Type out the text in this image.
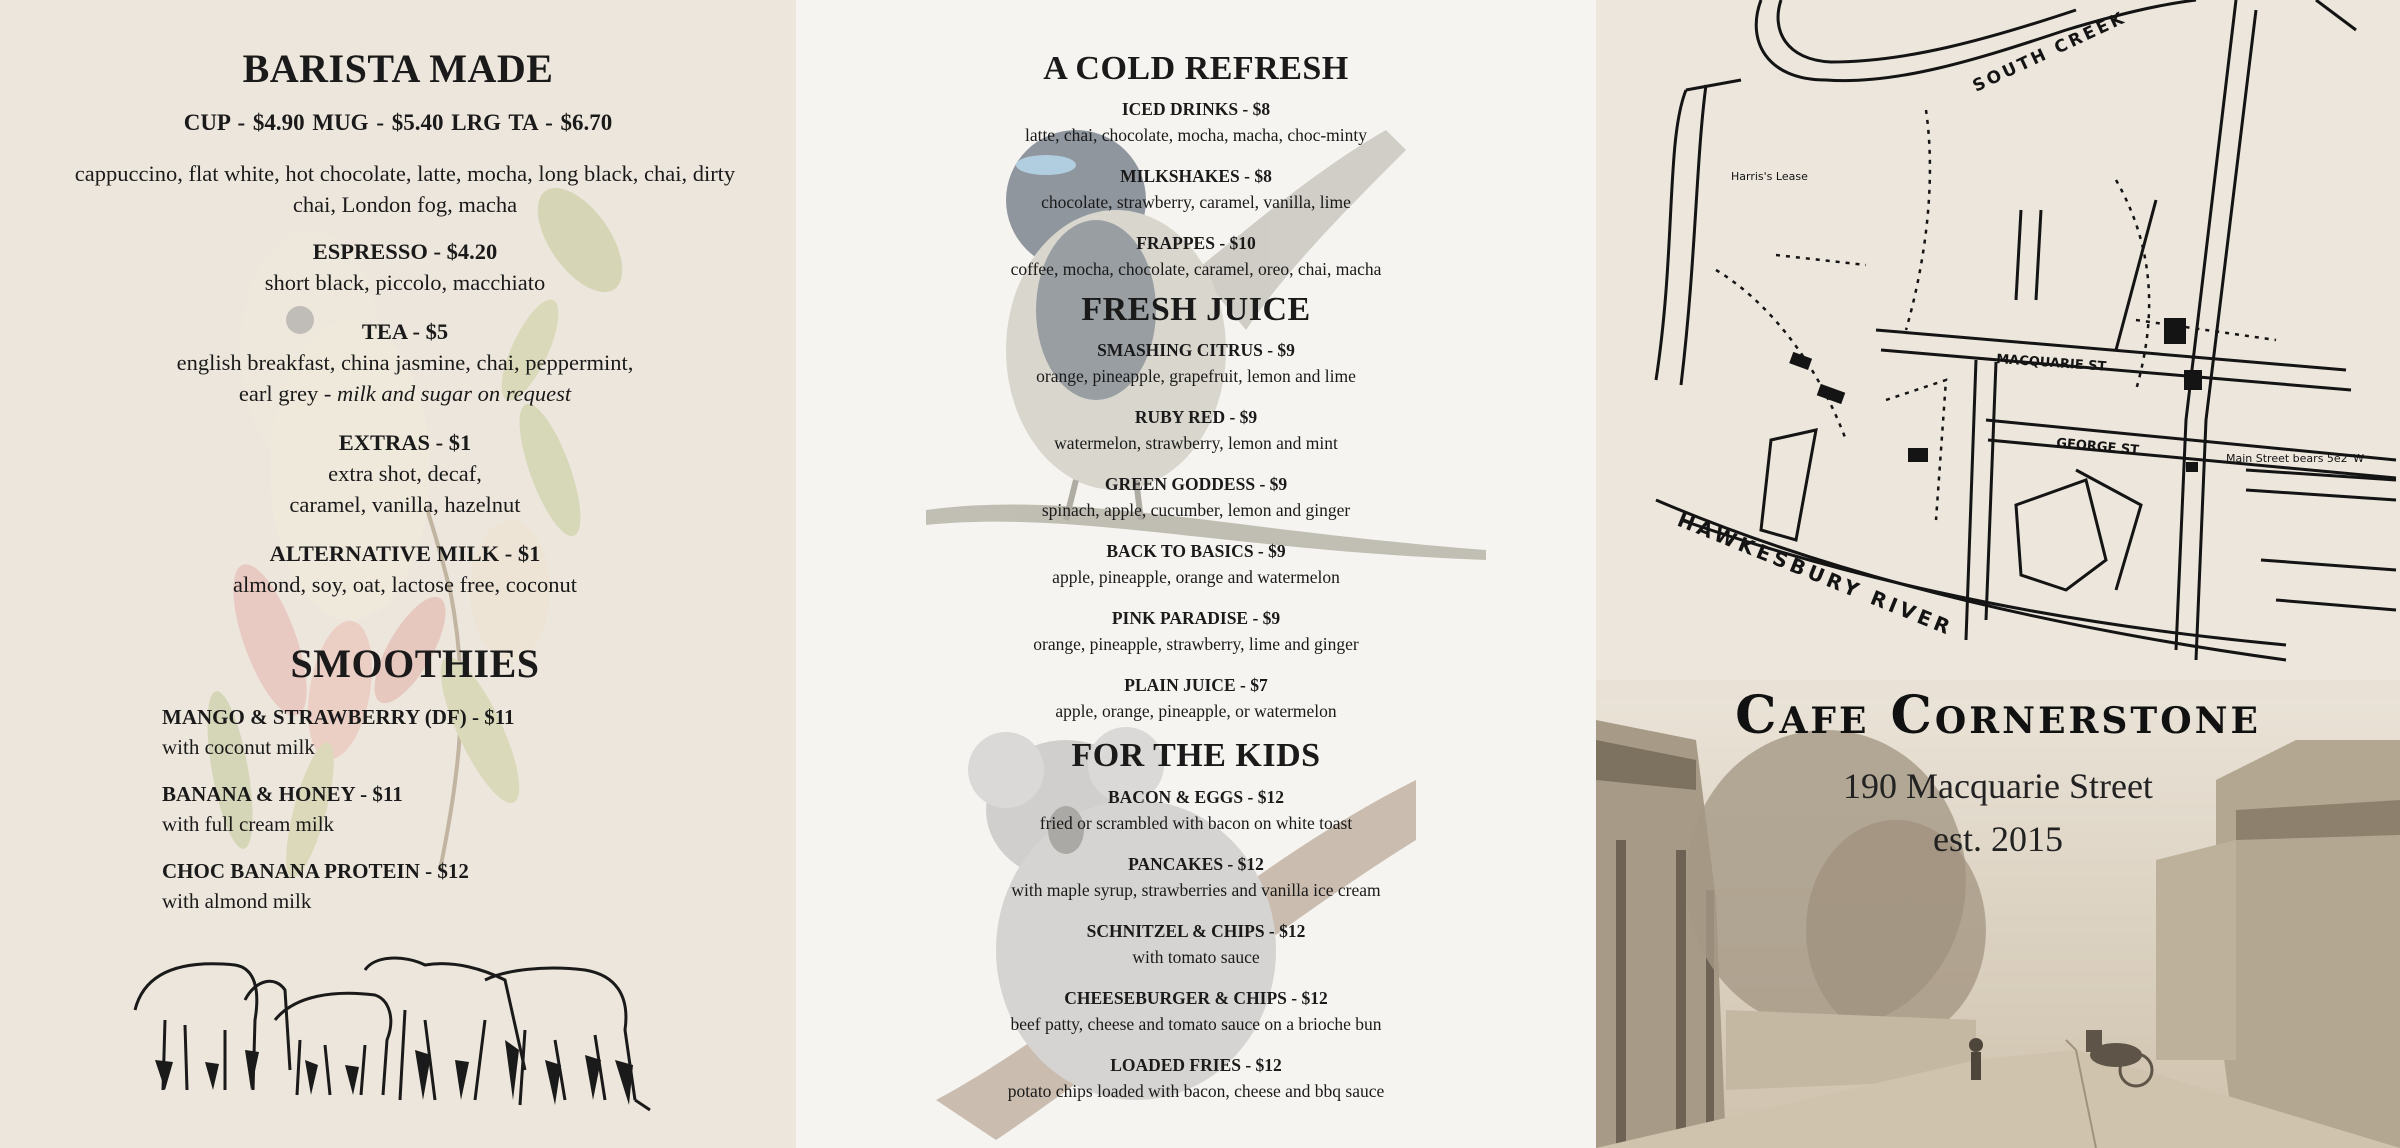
BARISTA MADE
CUP - $4.90 MUG - $5.40 LRG TA - $6.70
cappuccino, flat white, hot chocolate, latte, mocha, long black, chai, dirty chai, London fog, macha
ESPRESSO - $4.20
short black, piccolo, macchiato
TEA - $5
english breakfast, china jasmine, chai, peppermint,
earl grey - milk and sugar on request
EXTRAS - $1
extra shot, decaf,
caramel, vanilla, hazelnut
ALTERNATIVE MILK - $1
almond, soy, oat, lactose free, coconut
SMOOTHIES
MANGO & STRAWBERRY (DF) - $11
with coconut milk
BANANA & HONEY - $11
with full cream milk
CHOC BANANA PROTEIN - $12
with almond milk
A COLD REFRESH
ICED DRINKS - $8
latte, chai, chocolate, mocha, macha, choc-minty
MILKSHAKES - $8
chocolate, strawberry, caramel, vanilla, lime
FRAPPES - $10
coffee, mocha, chocolate, caramel, oreo, chai, macha
FRESH JUICE
SMASHING CITRUS - $9
orange, pineapple, grapefruit, lemon and lime
RUBY RED - $9
watermelon, strawberry, lemon and mint
GREEN GODDESS - $9
spinach, apple, cucumber, lemon and ginger
BACK TO BASICS - $9
apple, pineapple, orange and watermelon
PINK PARADISE - $9
orange, pineapple, strawberry, lime and ginger
PLAIN JUICE - $7
apple, orange, pineapple, or watermelon
FOR THE KIDS
BACON & EGGS - $12
fried or scrambled with bacon on white toast
PANCAKES - $12
with maple syrup, strawberries and vanilla ice cream
SCHNITZEL & CHIPS - $12
with tomato sauce
CHEESEBURGER & CHIPS - $12
beef patty, cheese and tomato sauce on a brioche bun
LOADED FRIES - $12
potato chips loaded with bacon, cheese and bbq sauce
SOUTH CREEK
MACQUARIE ST
GEORGE ST
HAWKESBURY RIVER
Harris's Lease
Main Street bears 5e2°W
Cafe Cornerstone
190 Macquarie Street
est. 2015
